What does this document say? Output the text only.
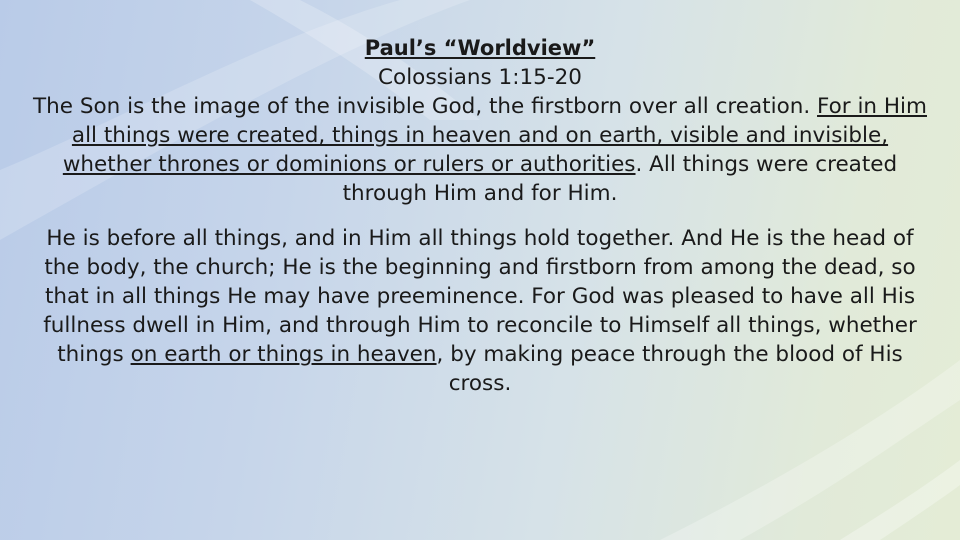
Paul’s “Worldview”
Colossians 1:15-20
The Son is the image of the invisible God, the firstborn over all creation. For in Him all things were created, things in heaven and on earth, visible and invisible, whether thrones or dominions or rulers or authorities. All things were created through Him and for Him.
He is before all things, and in Him all things hold together. And He is the head of the body, the church; He is the beginning and firstborn from among the dead, so that in all things He may have preeminence. For God was pleased to have all His fullness dwell in Him, and through Him to reconcile to Himself all things, whether things on earth or things in heaven, by making peace through the blood of His cross.
